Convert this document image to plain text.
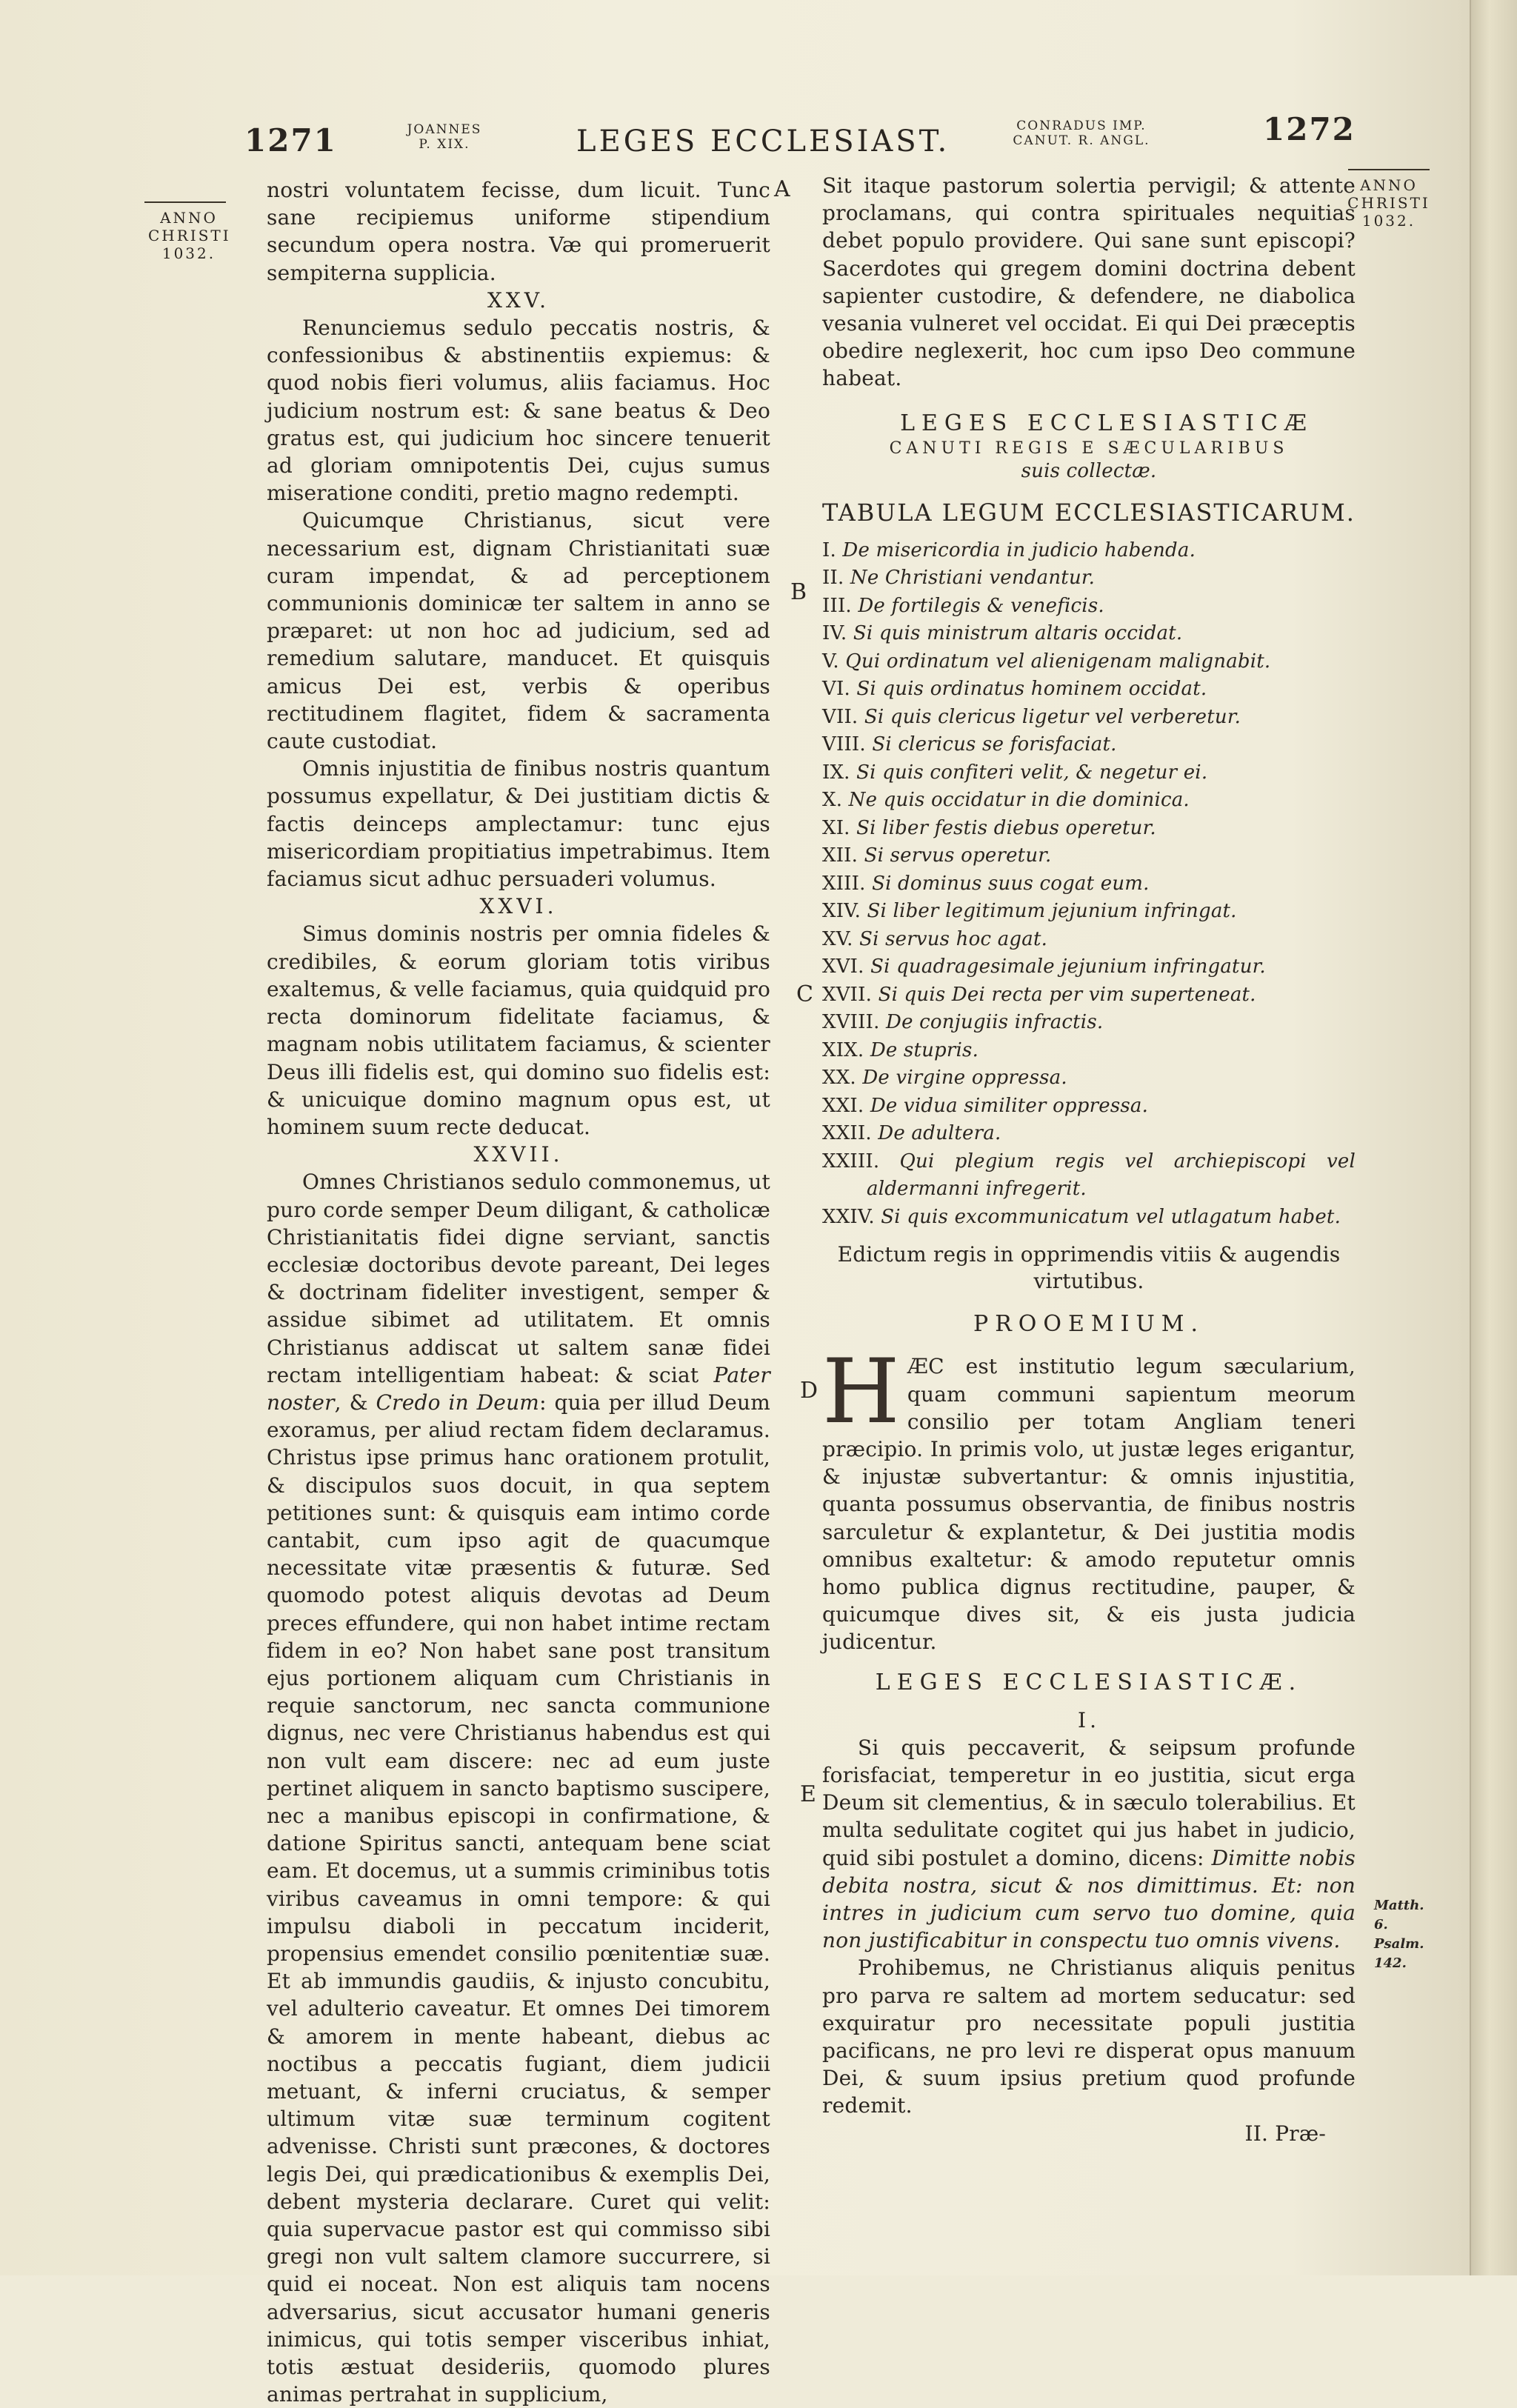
1271	JOANNES
P. XIX.	LEGES ECCLESIAST.	CONRADUS IMP.
CANUT. R. ANGL.	1272
ANNO
CHRISTI
1032.
ANNO
CHRISTI
1032.
A
B
C
D
E

nostri voluntatem fecisse, dum licuit. Tunc sane recipiemus uniforme stipendium secundum opera nostra. Væ qui promeruerit sempiterna supplicia.

XXV.

Renunciemus sedulo peccatis nostris, & confessionibus & abstinentiis expiemus: & quod nobis fieri volumus, aliis faciamus. Hoc judicium nostrum est: & sane beatus & Deo gratus est, qui judicium hoc sincere tenuerit ad gloriam omnipotentis Dei, cujus sumus miseratione conditi, pretio magno redempti.

Quicumque Christianus, sicut vere necessarium est, dignam Christianitati suæ curam impendat, & ad perceptionem communionis dominicæ ter saltem in anno se præparet: ut non hoc ad judicium, sed ad remedium salutare, manducet. Et quisquis amicus Dei est, verbis & operibus rectitudinem flagitet, fidem & sacramenta caute custodiat.

Omnis injustitia de finibus nostris quantum possumus expellatur, & Dei justitiam dictis & factis deinceps amplectamur: tunc ejus misericordiam propitiatius impetrabimus. Item faciamus sicut adhuc persuaderi volumus.

XXVI.

Simus dominis nostris per omnia fideles & credibiles, & eorum gloriam totis viribus exaltemus, & velle faciamus, quia quidquid pro recta dominorum fidelitate faciamus, & magnam nobis utilitatem faciamus, & scienter Deus illi fidelis est, qui domino suo fidelis est: & unicuique domino magnum opus est, ut hominem suum recte deducat.

XXVII.

Omnes Christianos sedulo commonemus, ut puro corde semper Deum diligant, & catholicæ Christianitatis fidei digne serviant, sanctis ecclesiæ doctoribus devote pareant, Dei leges & doctrinam fideliter investigent, semper & assidue sibimet ad utilitatem. Et omnis Christianus addiscat ut saltem sanæ fidei rectam intelligentiam habeat: & sciat Pater noster, & Credo in Deum: quia per illud Deum exoramus, per aliud rectam fidem declaramus. Christus ipse primus hanc orationem protulit, & discipulos suos docuit, in qua septem petitiones sunt: & quisquis eam intimo corde cantabit, cum ipso agit de quacumque necessitate vitæ præsentis & futuræ. Sed quomodo potest aliquis devotas ad Deum preces effundere, qui non habet intime rectam fidem in eo? Non habet sane post transitum ejus portionem aliquam cum Christianis in requie sanctorum, nec sancta communione dignus, nec vere Christianus habendus est qui non vult eam discere: nec ad eum juste pertinet aliquem in sancto baptismo suscipere, nec a manibus episcopi in confirmatione, & datione Spiritus sancti, antequam bene sciat eam. Et docemus, ut a summis criminibus totis viribus caveamus in omni tempore: & qui impulsu diaboli in peccatum inciderit, propensius emendet consilio pœnitentiæ suæ. Et ab immundis gaudiis, & injusto concubitu, vel adulterio caveatur. Et omnes Dei timorem & amorem in mente habeant, diebus ac noctibus a peccatis fugiant, diem judicii metuant, & inferni cruciatus, & semper ultimum vitæ suæ terminum cogitent advenisse. Christi sunt præcones, & doctores legis Dei, qui prædicationibus & exemplis Dei, debent mysteria declarare. Curet qui velit: quia supervacue pastor est qui commisso sibi gregi non vult saltem clamore succurrere, si quid ei noceat. Non est aliquis tam nocens adversarius, sicut accusator humani generis inimicus, qui totis semper visceribus inhiat, totis æstuat desideriis, quomodo plures animas pertrahat in supplicium,

Sit itaque pastorum solertia pervigil; & attente proclamans, qui contra spirituales nequitias debet populo providere. Qui sane sunt episcopi? Sacerdotes qui gregem domini doctrina debent sapienter custodire, & defendere, ne diabolica vesania vulneret vel occidat. Ei qui Dei præceptis obedire neglexerit, hoc cum ipso Deo commune habeat.

LEGES ECCLESIASTICÆ

CANUTI REGIS E SÆCULARIBUS
suis collectæ.
TABULA LEGUM ECCLESIASTICARUM.
I. De misericordia in judicio habenda.
II. Ne Christiani vendantur.
III. De fortilegis & veneficis.
IV. Si quis ministrum altaris occidat.
V. Qui ordinatum vel alienigenam malignabit.
VI. Si quis ordinatus hominem occidat.
VII. Si quis clericus ligetur vel verberetur.
VIII. Si clericus se forisfaciat.
IX. Si quis confiteri velit, & negetur ei.
X. Ne quis occidatur in die dominica.
XI. Si liber festis diebus operetur.
XII. Si servus operetur.
XIII. Si dominus suus cogat eum.
XIV. Si liber legitimum jejunium infringat.
XV. Si servus hoc agat.
XVI. Si quadragesimale jejunium infringatur.
XVII. Si quis Dei recta per vim superteneat.
XVIII. De conjugiis infractis.
XIX. De stupris.
XX. De virgine oppressa.
XXI. De vidua similiter oppressa.
XXII. De adultera.
XXIII. Qui plegium regis vel archiepiscopi vel aldermanni infregerit.
XXIV. Si quis excommunicatum vel utlagatum habet.
Edictum regis in opprimendis vitiis & augendis virtutibus.
PROOEMIUM.

HÆC est institutio legum sæcularium, quam communi sapientum meorum consilio per totam Angliam teneri præcipio. In primis volo, ut justæ leges erigantur, & injustæ subvertantur: & omnis injustitia, quanta possumus observantia, de finibus nostris sarculetur & explantetur, & Dei justitia modis omnibus exaltetur: & amodo reputetur omnis homo publica dignus rectitudine, pauper, & quicumque dives sit, & eis justa judicia judicentur.

LEGES ECCLESIASTICÆ.

I.

Si quis peccaverit, & seipsum profunde forisfaciat, temperetur in eo justitia, sicut erga Deum sit clementius, & in sæculo tolerabilius. Et multa sedulitate cogitet qui jus habet in judicio, quid sibi postulet a domino, dicens: Dimitte nobis debita nostra, sicut & nos dimittimus. Et: non intres in judicium cum servo tuo domine, quia non justificabitur in conspectu tuo omnis vivens.

Prohibemus, ne Christianus aliquis penitus pro parva re saltem ad mortem seducatur: sed exquiratur pro necessitate populi justitia pacificans, ne pro levi re disperat opus manuum Dei, & suum ipsius pretium quod profunde redemit.

II. Præ-
Matth. 6.
Psalm. 142.
